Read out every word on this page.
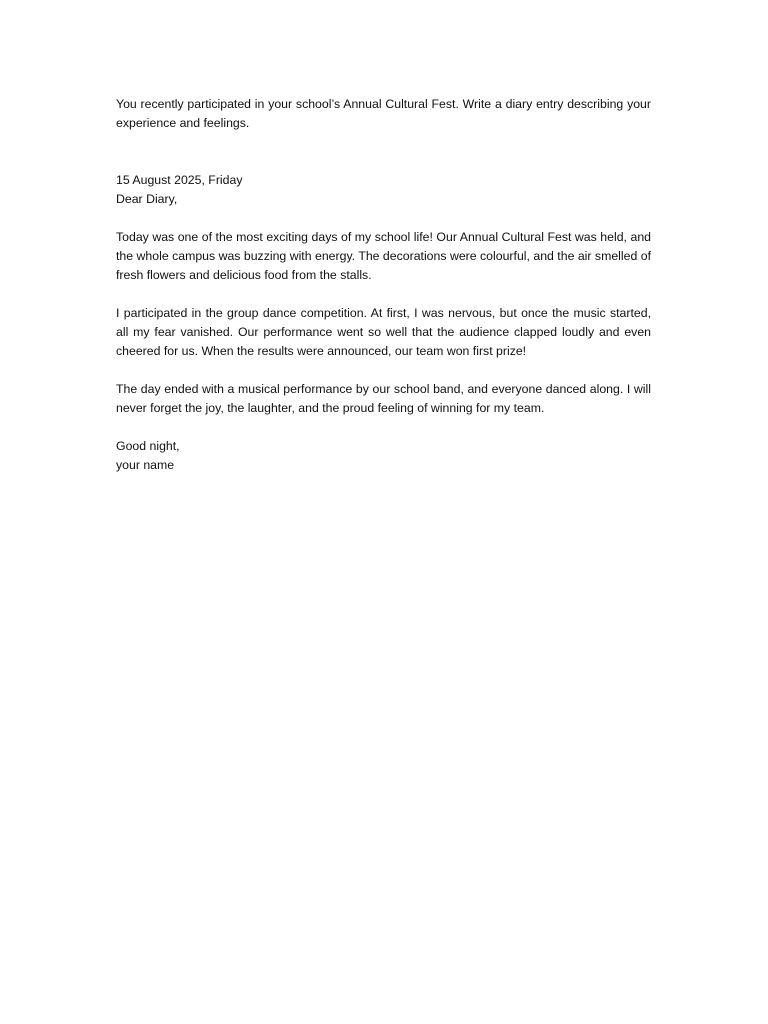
You recently participated in your school’s Annual Cultural Fest. Write a diary entry describing your experience and feelings.

15 August 2025, Friday
Dear Diary,

Today was one of the most exciting days of my school life! Our Annual Cultural Fest was held, and the whole campus was buzzing with energy. The decorations were colourful, and the air smelled of fresh flowers and delicious food from the stalls.

I participated in the group dance competition. At first, I was nervous, but once the music started, all my fear vanished. Our performance went so well that the audience clapped loudly and even cheered for us. When the results were announced, our team won first prize!

The day ended with a musical performance by our school band, and everyone danced along. I will never forget the joy, the laughter, and the proud feeling of winning for my team.

Good night,
your name
